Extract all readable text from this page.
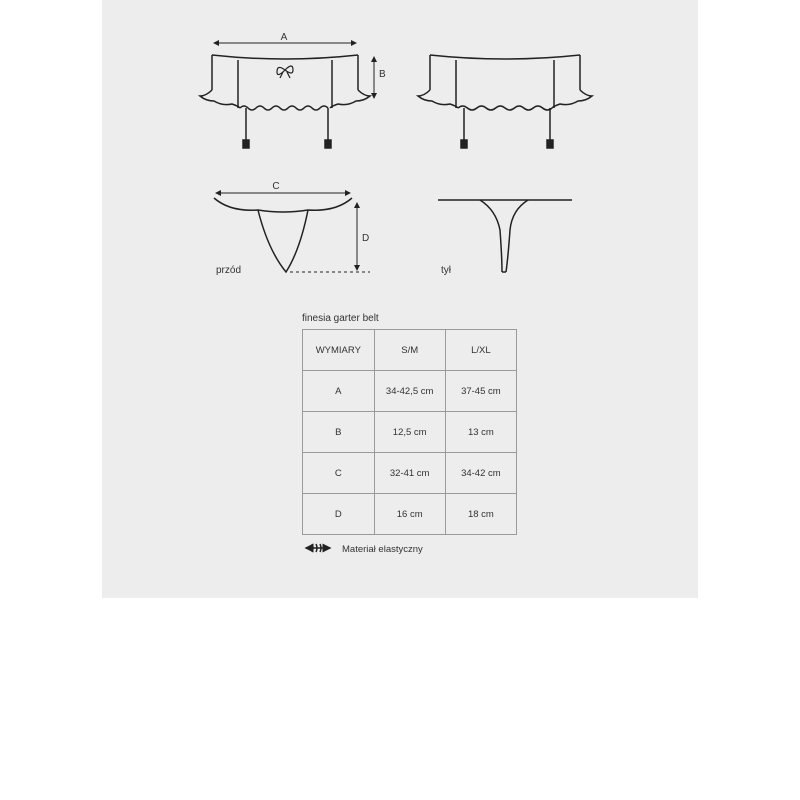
A
B
C
D
przód	tył
finesia garter belt
WYMIARY	S/M	L/XL
A	34-42,5 cm	37-45 cm
B	12,5 cm	13 cm
C	32-41 cm	34-42 cm
D	16 cm	18 cm
Materiał elastyczny
